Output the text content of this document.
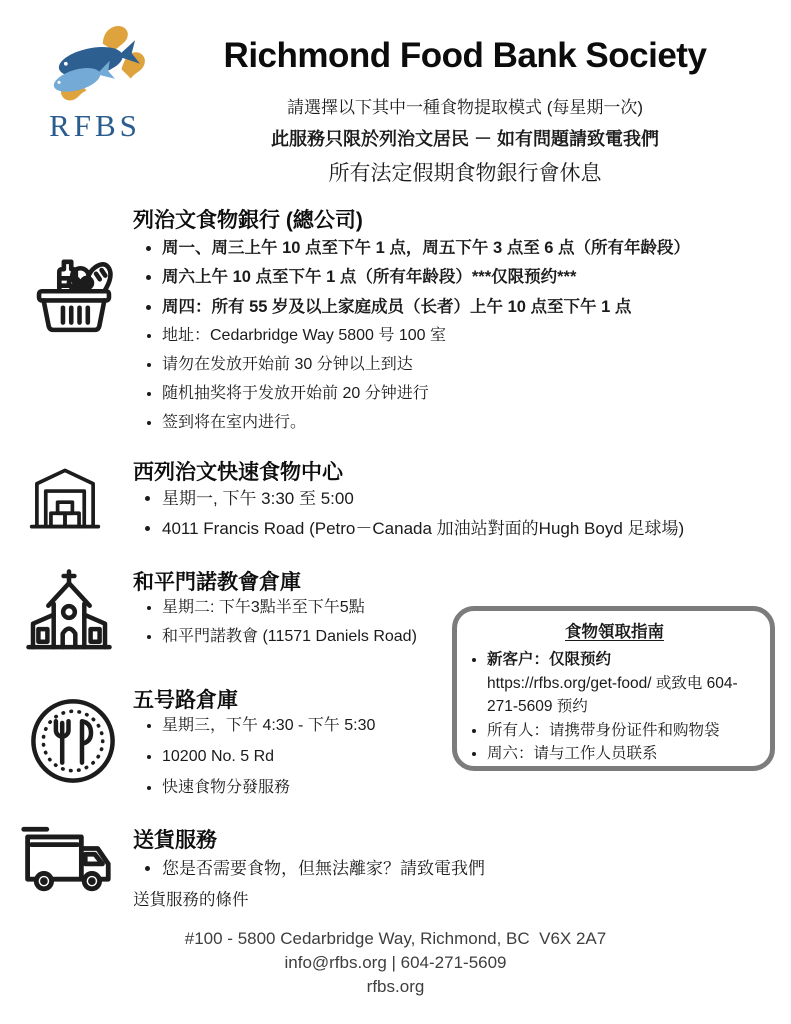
RFBS
Richmond Food Bank Society
請選擇以下其中一種食物提取模式 (每星期一次)
此服務只限於列治文居民 － 如有問題請致電我們
所有法定假期食物銀行會休息
列治文食物銀行 (總公司)
• 周一、周三上午 10 点至下午 1 点，周五下午 3 点至 6 点（所有年龄段）
• 周六上午 10 点至下午 1 点（所有年龄段）***仅限预约***
• 周四：所有 55 岁及以上家庭成员（长者）上午 10 点至下午 1 点
• 地址：Cedarbridge Way 5800 号 100 室
• 请勿在发放开始前 30 分钟以上到达
• 随机抽奖将于发放开始前 20 分钟进行
• 签到将在室内进行。
西列治文快速食物中心
• 星期一, 下午 3:30 至 5:00
• 4011 Francis Road (Petro－Canada 加油站對面的Hugh Boyd 足球場)
和平門諾教會倉庫
• 星期二: 下午3點半至下午5點
• 和平門諾教會 (11571 Daniels Road)	食物領取指南
• 新客户：仅限预约
https://rfbs.org/get-food/ 或致电 604-271-5609 预约
• 所有人：请携带身份证件和购物袋
• 周六：请与工作人员联系
五号路倉庫
• 星期三，下午 4:30 - 下午 5:30
• 10200 No. 5 Rd
• 快速食物分發服務
送貨服務
• 您是否需要食物，但無法離家？請致電我們
送貨服務的條件
#100 - 5800 Cedarbridge Way, Richmond, BC  V6X 2A7
info@rfbs.org | 604-271-5609
rfbs.org
